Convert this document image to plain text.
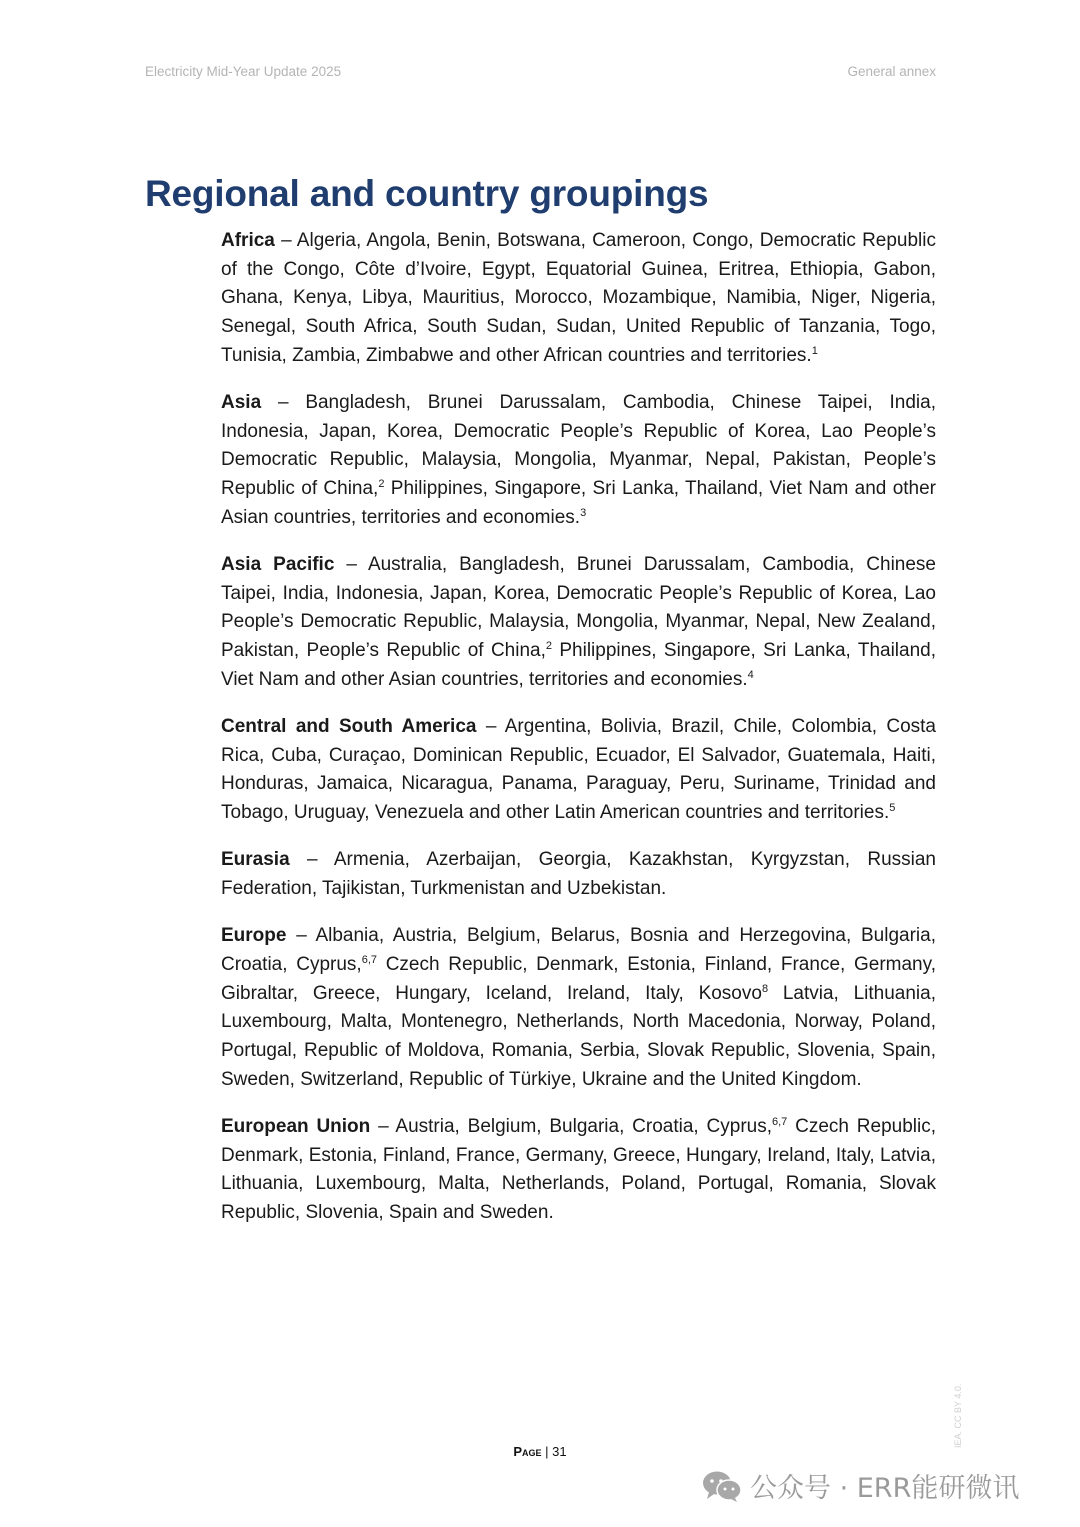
Electricity Mid-Year Update 2025	General annex
Regional and country groupings

Africa – Algeria, Angola, Benin, Botswana, Cameroon, Congo, Democratic Republic of the Congo, Côte d’Ivoire, Egypt, Equatorial Guinea, Eritrea, Ethiopia, Gabon, Ghana, Kenya, Libya, Mauritius, Morocco, Mozambique, Namibia, Niger, Nigeria, Senegal, South Africa, South Sudan, Sudan, United Republic of Tanzania, Togo, Tunisia, Zambia, Zimbabwe and other African countries and territories.$^1$

Asia – Bangladesh, Brunei Darussalam, Cambodia, Chinese Taipei, India, Indonesia, Japan, Korea, Democratic People’s Republic of Korea, Lao People’s Democratic Republic, Malaysia, Mongolia, Myanmar, Nepal, Pakistan, People’s Republic of China,$^2$ Philippines, Singapore, Sri Lanka, Thailand, Viet Nam and other Asian countries, territories and economies.$^3$

Asia Pacific – Australia, Bangladesh, Brunei Darussalam, Cambodia, Chinese Taipei, India, Indonesia, Japan, Korea, Democratic People’s Republic of Korea, Lao People’s Democratic Republic, Malaysia, Mongolia, Myanmar, Nepal, New Zealand, Pakistan, People’s Republic of China,$^2$ Philippines, Singapore, Sri Lanka, Thailand, Viet Nam and other Asian countries, territories and economies.$^4$

Central and South America – Argentina, Bolivia, Brazil, Chile, Colombia, Costa Rica, Cuba, Curaçao, Dominican Republic, Ecuador, El Salvador, Guatemala, Haiti, Honduras, Jamaica, Nicaragua, Panama, Paraguay, Peru, Suriname, Trinidad and Tobago, Uruguay, Venezuela and other Latin American countries and territories.$^5$

Eurasia – Armenia, Azerbaijan, Georgia, Kazakhstan, Kyrgyzstan, Russian Federation, Tajikistan, Turkmenistan and Uzbekistan.

Europe – Albania, Austria, Belgium, Belarus, Bosnia and Herzegovina, Bulgaria, Croatia, Cyprus,$^{6,7}$ Czech Republic, Denmark, Estonia, Finland, France, Germany, Gibraltar, Greece, Hungary, Iceland, Ireland, Italy, Kosovo$^8$ Latvia, Lithuania, Luxembourg, Malta, Montenegro, Netherlands, North Macedonia, Norway, Poland, Portugal, Republic of Moldova, Romania, Serbia, Slovak Republic, Slovenia, Spain, Sweden, Switzerland, Republic of Türkiye, Ukraine and the United Kingdom.

European Union – Austria, Belgium, Bulgaria, Croatia, Cyprus,$^{6,7}$ Czech Republic, Denmark, Estonia, Finland, France, Germany, Greece, Hungary, Ireland, Italy, Latvia, Lithuania, Luxembourg, Malta, Netherlands, Poland, Portugal, Romania, Slovak Republic, Slovenia, Spain and Sweden.

Page | 31
IEA. CC BY 4.0.
公众号 · ERR能研微讯
